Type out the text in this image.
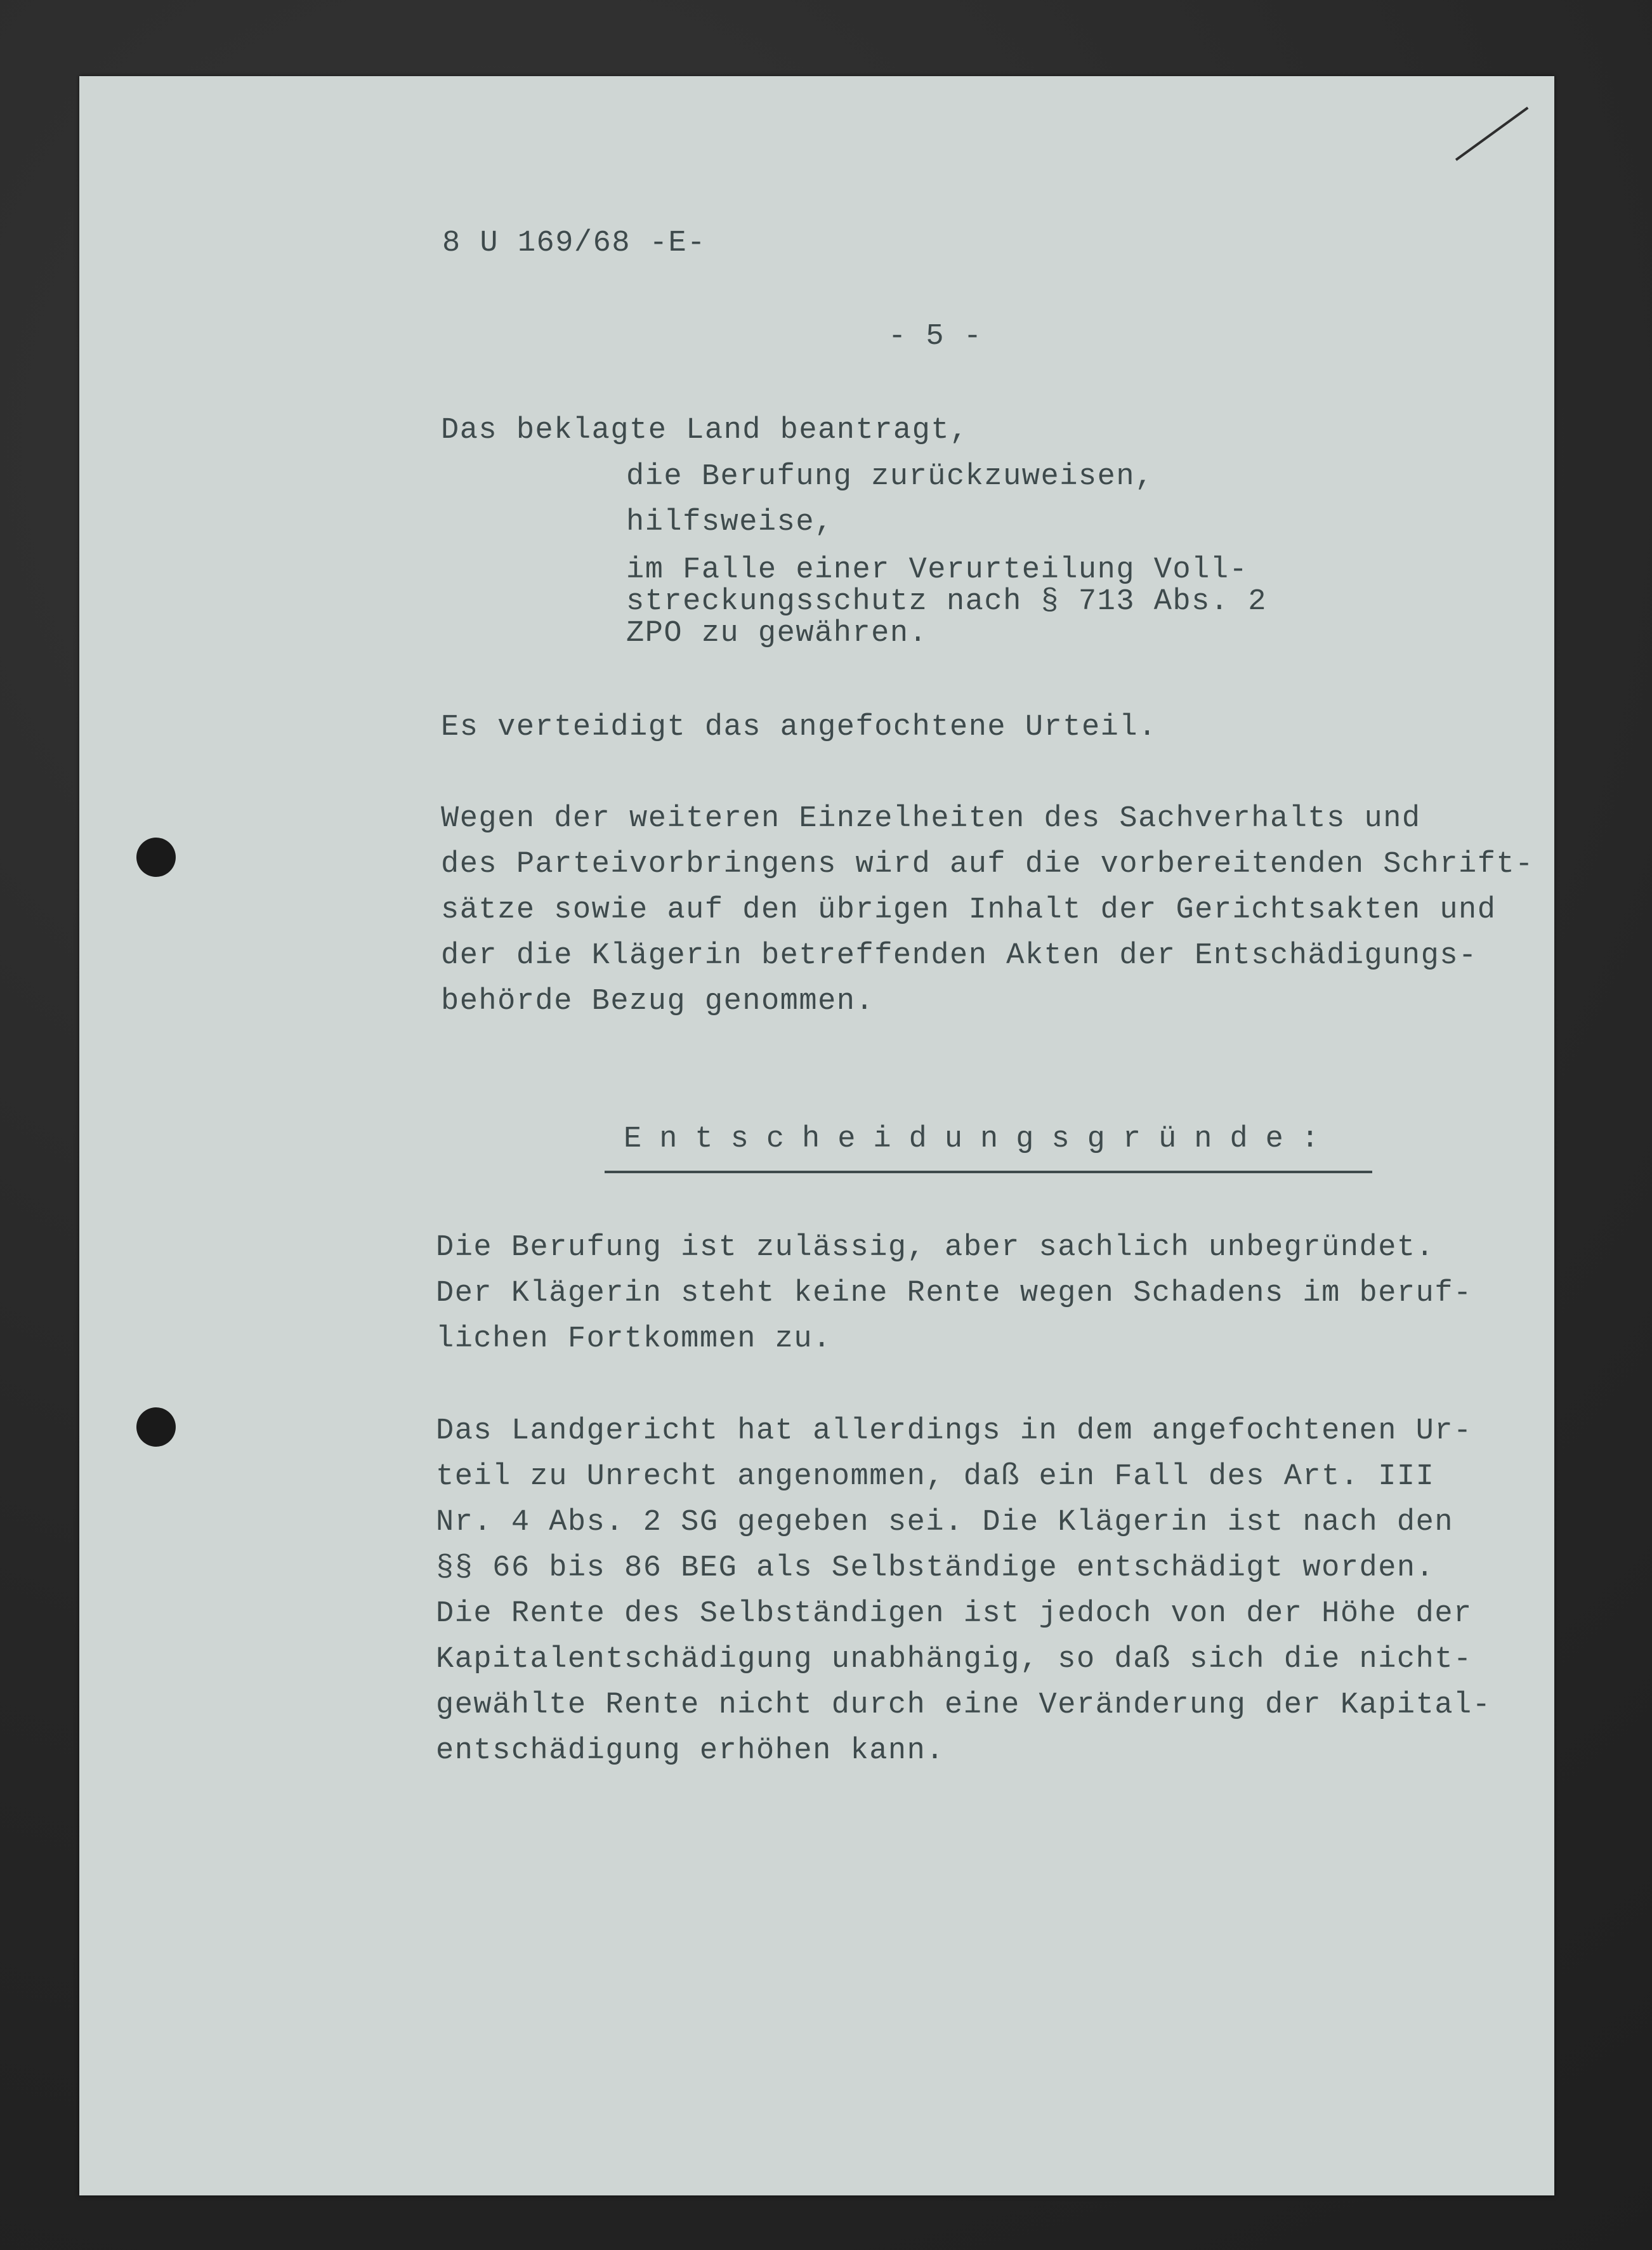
8 U 169/68 -E-
- 5 -
Das beklagte Land beantragt,
die Berufung zurückzuweisen,
hilfsweise,
im Falle einer Verurteilung Voll-
streckungsschutz nach § 713 Abs. 2
ZPO zu gewähren.
Es verteidigt das angefochtene Urteil.
Wegen der weiteren Einzelheiten des Sachverhalts und
des Parteivorbringens wird auf die vorbereitenden Schrift-
sätze sowie auf den übrigen Inhalt der Gerichtsakten und
der die Klägerin betreffenden Akten der Entschädigungs-
behörde Bezug genommen.
Entscheidungsgründe:
Die Berufung ist zulässig, aber sachlich unbegründet.
Der Klägerin steht keine Rente wegen Schadens im beruf-
lichen Fortkommen zu.
Das Landgericht hat allerdings in dem angefochtenen Ur-
teil zu Unrecht angenommen, daß ein Fall des Art. III
Nr. 4 Abs. 2 SG gegeben sei. Die Klägerin ist nach den
§§ 66 bis 86 BEG als Selbständige entschädigt worden.
Die Rente des Selbständigen ist jedoch von der Höhe der
Kapitalentschädigung unabhängig, so daß sich die nicht-
gewählte Rente nicht durch eine Veränderung der Kapital-
entschädigung erhöhen kann.
